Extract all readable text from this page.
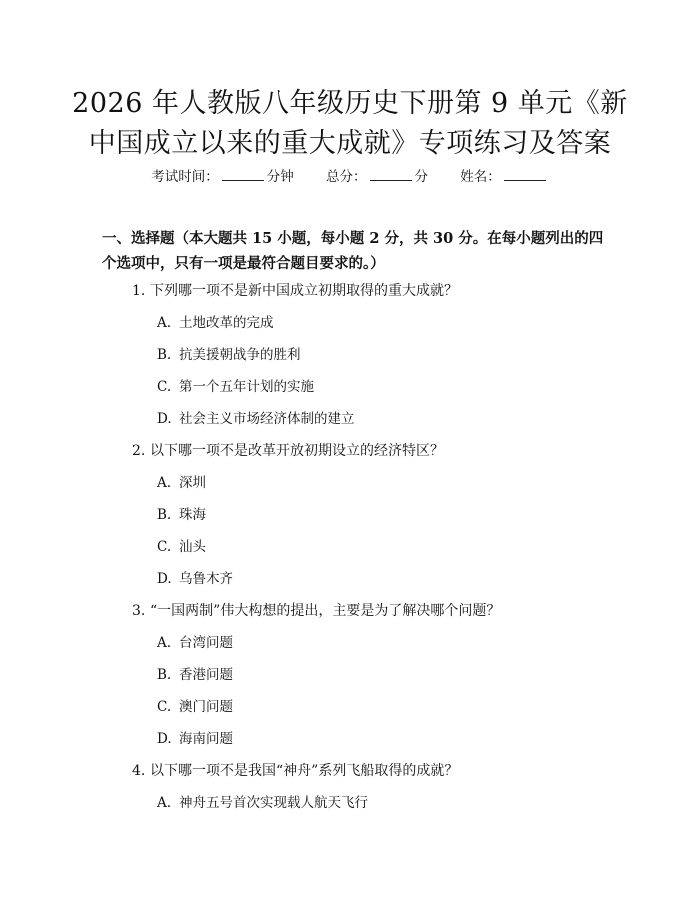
2026 年人教版八年级历史下册第 9 单元《新
中国成立以来的重大成就》专项练习及答案
考试时间：	分钟 总分：	分 姓名：
一、选择题（本大题共 15 小题，每小题 2 分，共 30 分。在每小题列出的四个选项中，只有一项是最符合题目要求的。）
1. 下列哪一项不是新中国成立初期取得的重大成就？
A. 土地改革的完成
B. 抗美援朝战争的胜利
C. 第一个五年计划的实施
D. 社会主义市场经济体制的建立
2. 以下哪一项不是改革开放初期设立的经济特区？
A. 深圳
B. 珠海
C. 汕头
D. 乌鲁木齐
3. “一国两制”伟大构想的提出，主要是为了解决哪个问题？
A. 台湾问题
B. 香港问题
C. 澳门问题
D. 海南问题
4. 以下哪一项不是我国“神舟”系列飞船取得的成就？
A. 神舟五号首次实现载人航天飞行
